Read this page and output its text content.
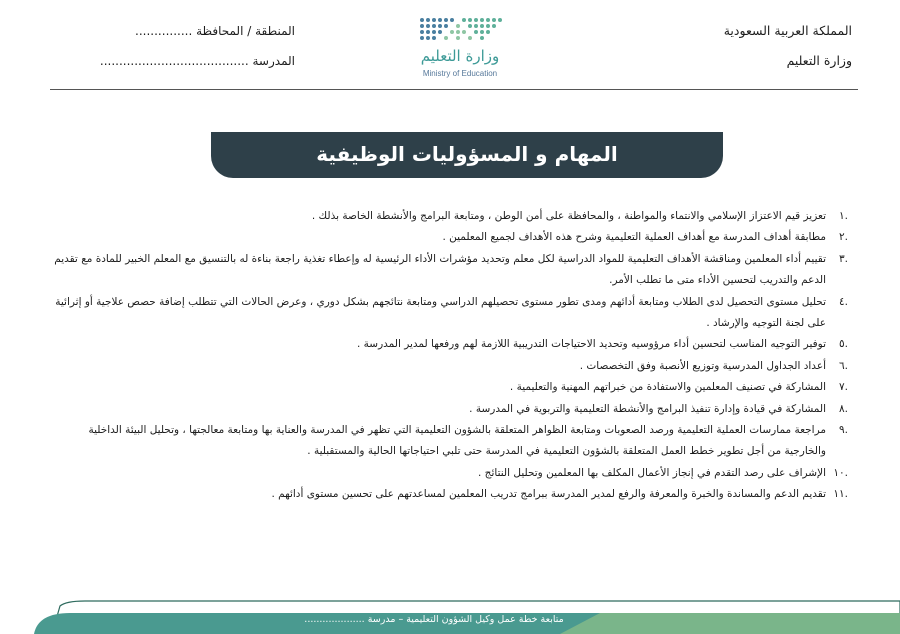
المملكة العربية السعودية
وزارة التعليم
وزارة التعليم
Ministry of Education
المنطقة / المحافظة ...............
المدرسة .......................................
المهام و المسؤوليات الوظيفية
.١
تعزيز قيم الاعتزاز الإسلامي والانتماء والمواطنة ، والمحافظة على أمن الوطن ، ومتابعة البرامج والأنشطة الخاصة بذلك .
.٢
مطابقة أهداف المدرسة مع أهداف العملية التعليمية وشرح هذه الأهداف لجميع المعلمين .
.٣
تقييم أداء المعلمين ومناقشة الأهداف التعليمية للمواد الدراسية لكل معلم وتحديد مؤشرات الأداء الرئيسية له وإعطاء تغذية راجعة بناءة له بالتنسيق مع المعلم الخبير للمادة مع تقديم الدعم والتدريب لتحسين الأداء متى ما تطلب الأمر.
.٤
تحليل مستوى التحصيل لدى الطلاب ومتابعة أدائهم ومدى تطور مستوى تحصيلهم الدراسي ومتابعة نتائجهم بشكل دوري ، وعرض الحالات التي تتطلب إضافة حصص علاجية أو إثرائية على لجنة التوجيه والإرشاد .
.٥
توفير التوجيه المناسب لتحسين أداء مرؤوسيه وتحديد الاحتياجات التدريبية اللازمة لهم ورفعها لمدير المدرسة .
.٦
أعداد الجداول المدرسية وتوزيع الأنصبة وفق التخصصات .
.٧
المشاركة في تصنيف المعلمين والاستفادة من خبراتهم المهنية والتعليمية .
.٨
المشاركة في قيادة وإدارة تنفيذ البرامج والأنشطة التعليمية والتربوية في المدرسة .
.٩
مراجعة ممارسات العملية التعليمية ورصد الصعوبات ومتابعة الظواهر المتعلقة بالشؤون التعليمية التي تظهر في المدرسة والعناية بها ومتابعة معالجتها ، وتحليل البيئة الداخلية والخارجية من أجل تطوير خطط العمل المتعلقة بالشؤون التعليمية في المدرسة حتى تلبي احتياجاتها الحالية والمستقبلية .
.١٠
الإشراف على رصد التقدم في إنجاز الأعمال المكلف بها المعلمين وتحليل النتائج .
.١١
تقديم الدعم والمساندة والخبرة والمعرفة والرفع لمدير المدرسة ببرامج تدريب المعلمين لمساعدتهم على تحسين مستوى أدائهم .
متابعة خطة عمل وكيل الشؤون التعليمية – مدرسة ....................
